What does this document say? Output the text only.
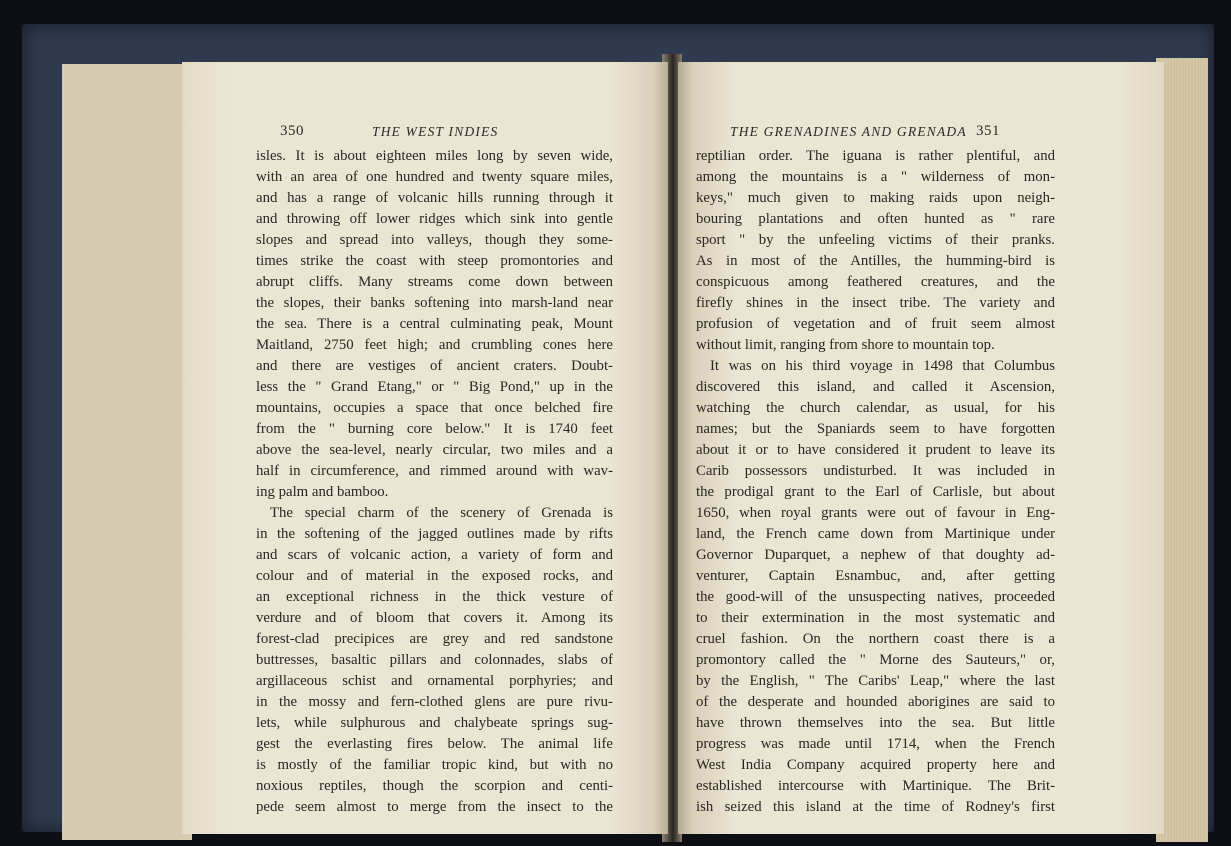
350	THE WEST INDIES	THE GRENADINES AND GRENADA 351
isles. It is about eighteen miles long by seven wide,
with an area of one hundred and twenty square miles,
and has a range of volcanic hills running through it
and throwing off lower ridges which sink into gentle
slopes and spread into valleys, though they some-
times strike the coast with steep promontories and
abrupt cliffs. Many streams come down between
the slopes, their banks softening into marsh-land near
the sea. There is a central culminating peak, Mount
Maitland, 2750 feet high; and crumbling cones here
and there are vestiges of ancient craters. Doubt-
less the " Grand Etang," or " Big Pond," up in the
mountains, occupies a space that once belched fire
from the " burning core below." It is 1740 feet
above the sea-level, nearly circular, two miles and a
half in circumference, and rimmed around with wav-
ing palm and bamboo.
The special charm of the scenery of Grenada is
in the softening of the jagged outlines made by rifts
and scars of volcanic action, a variety of form and
colour and of material in the exposed rocks, and
an exceptional richness in the thick vesture of
verdure and of bloom that covers it. Among its
forest-clad precipices are grey and red sandstone
buttresses, basaltic pillars and colonnades, slabs of
argillaceous schist and ornamental porphyries; and
in the mossy and fern-clothed glens are pure rivu-
lets, while sulphurous and chalybeate springs sug-
gest the everlasting fires below. The animal life
is mostly of the familiar tropic kind, but with no
noxious reptiles, though the scorpion and centi-
pede seem almost to merge from the insect to the
reptilian order. The iguana is rather plentiful, and
among the mountains is a " wilderness of mon-
keys," much given to making raids upon neigh-
bouring plantations and often hunted as " rare
sport " by the unfeeling victims of their pranks.
As in most of the Antilles, the humming-bird is
conspicuous among feathered creatures, and the
firefly shines in the insect tribe. The variety and
profusion of vegetation and of fruit seem almost
without limit, ranging from shore to mountain top.
It was on his third voyage in 1498 that Columbus
discovered this island, and called it Ascension,
watching the church calendar, as usual, for his
names; but the Spaniards seem to have forgotten
about it or to have considered it prudent to leave its
Carib possessors undisturbed. It was included in
the prodigal grant to the Earl of Carlisle, but about
1650, when royal grants were out of favour in Eng-
land, the French came down from Martinique under
Governor Duparquet, a nephew of that doughty ad-
venturer, Captain Esnambuc, and, after getting
the good-will of the unsuspecting natives, proceeded
to their extermination in the most systematic and
cruel fashion. On the northern coast there is a
promontory called the " Morne des Sauteurs," or,
by the English, " The Caribs' Leap," where the last
of the desperate and hounded aborigines are said to
have thrown themselves into the sea. But little
progress was made until 1714, when the French
West India Company acquired property here and
established intercourse with Martinique. The Brit-
ish seized this island at the time of Rodney's first
